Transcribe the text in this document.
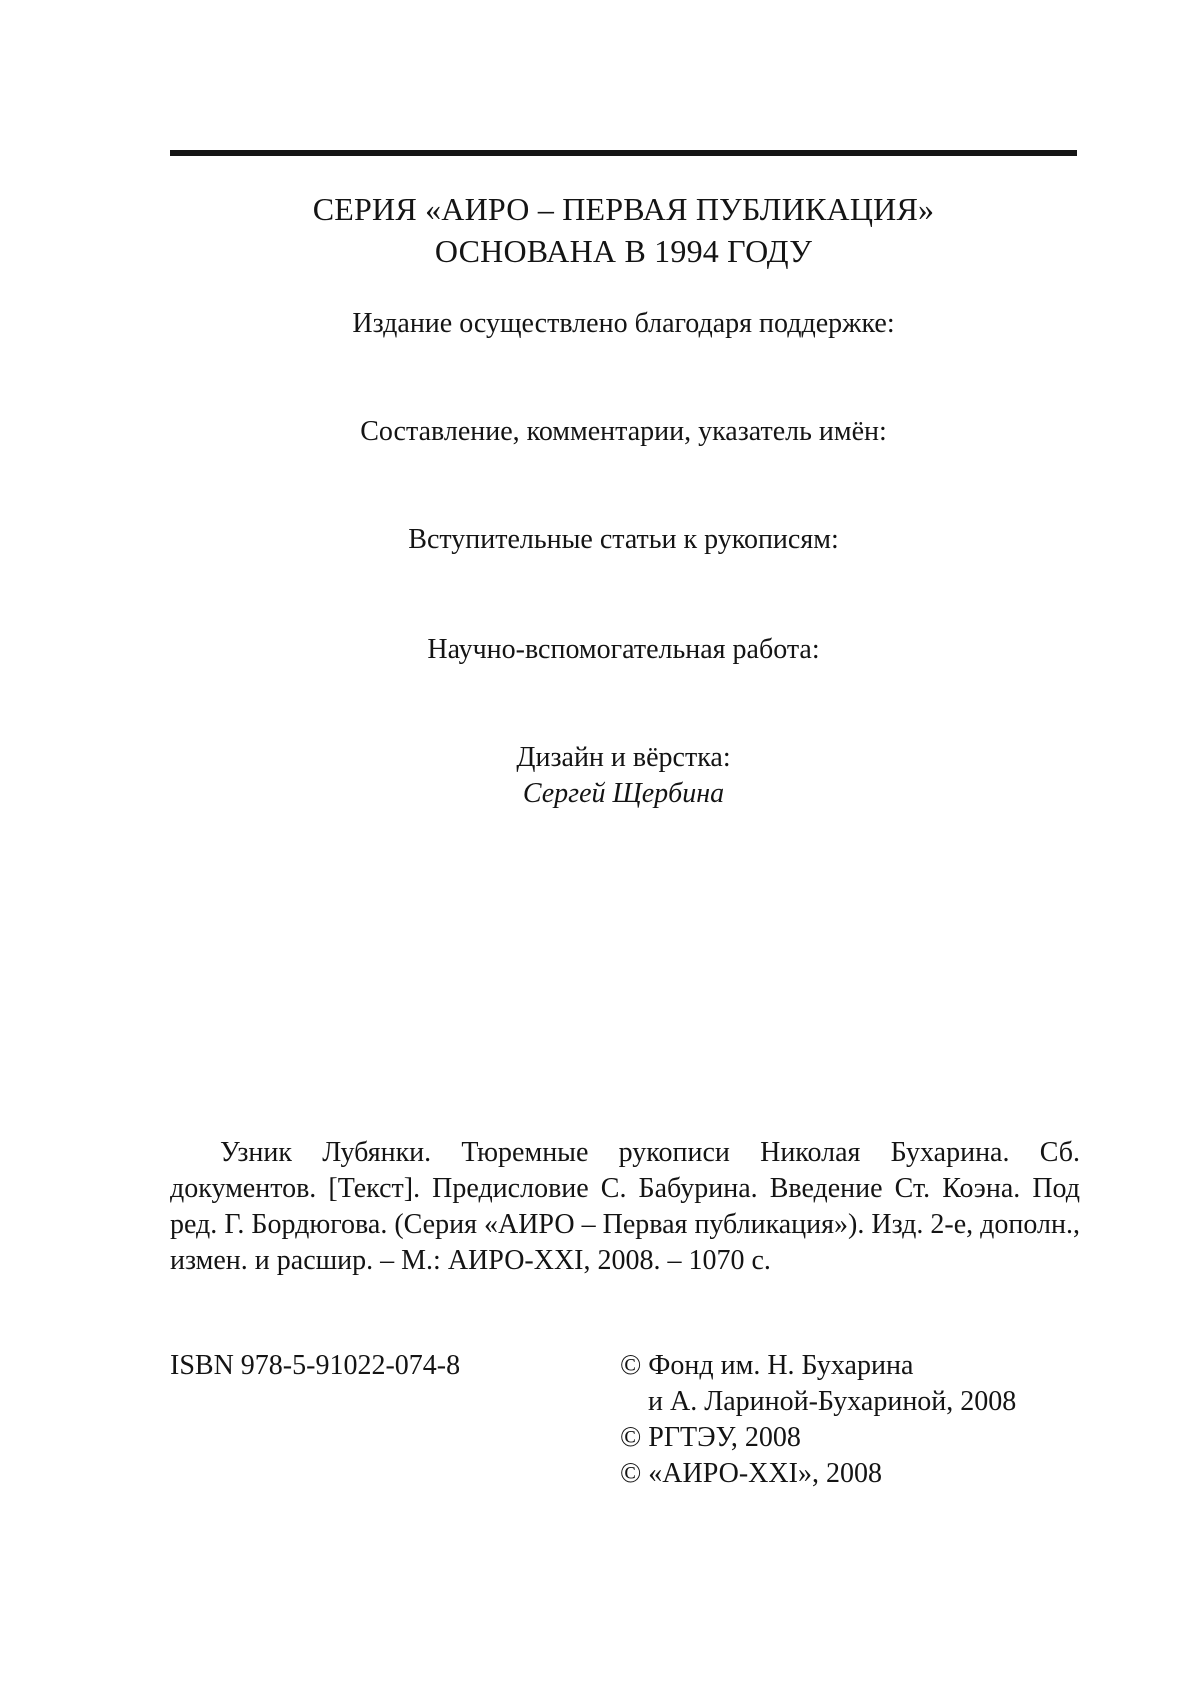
СЕРИЯ «АИРО – ПЕРВАЯ ПУБЛИКАЦИЯ»
ОСНОВАНА В 1994 ГОДУ
Издание осуществлено благодаря поддержке:
Составление, комментарии, указатель имён:
Вступительные статьи к рукописям:
Научно-вспомогательная работа:
Дизайн и вёрстка:
Сергей Щербина

Узник Лубянки. Тюремные рукописи Николая Бухарина. Сб. документов. [Текст]. Предисловие С. Бабурина. Введение Ст. Коэна. Под ред. Г. Бордюгова. (Серия «АИРО – Первая публикация»). Изд. 2-е, дополн., измен. и расшир. – М.: АИРО-XXI, 2008. – 1070 с.

ISBN 978-5-91022-074-8	© Фонд им. Н. Бухарина
и А. Лариной-Бухариной, 2008
© РГТЭУ, 2008
© «АИРО-XXI», 2008
